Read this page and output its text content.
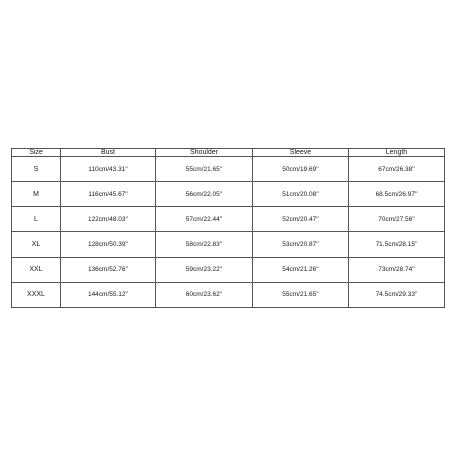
Size	Bust	Shoulder	Sleeve	Length
S	110cm/43.31''	55cm/21.65''	50cm/19.69''	67cm/26.38''
M	116cm/45.67''	56cm/22.05''	51cm/20.08''	68.5cm/26.97''
L	122cm/48.03''	57cm/22.44''	52cm/20.47''	70cm/27.56''
XL	128cm/50.39''	58cm/22.83''	53cm/20.87''	71.5cm/28.15''
XXL	136cm/52.76''	59cm/23.22''	54cm/21.26''	73cm/28.74''
XXXL	144cm/55.12''	60cm/23.62''	55cm/21.65''	74.5cm/29.33''
